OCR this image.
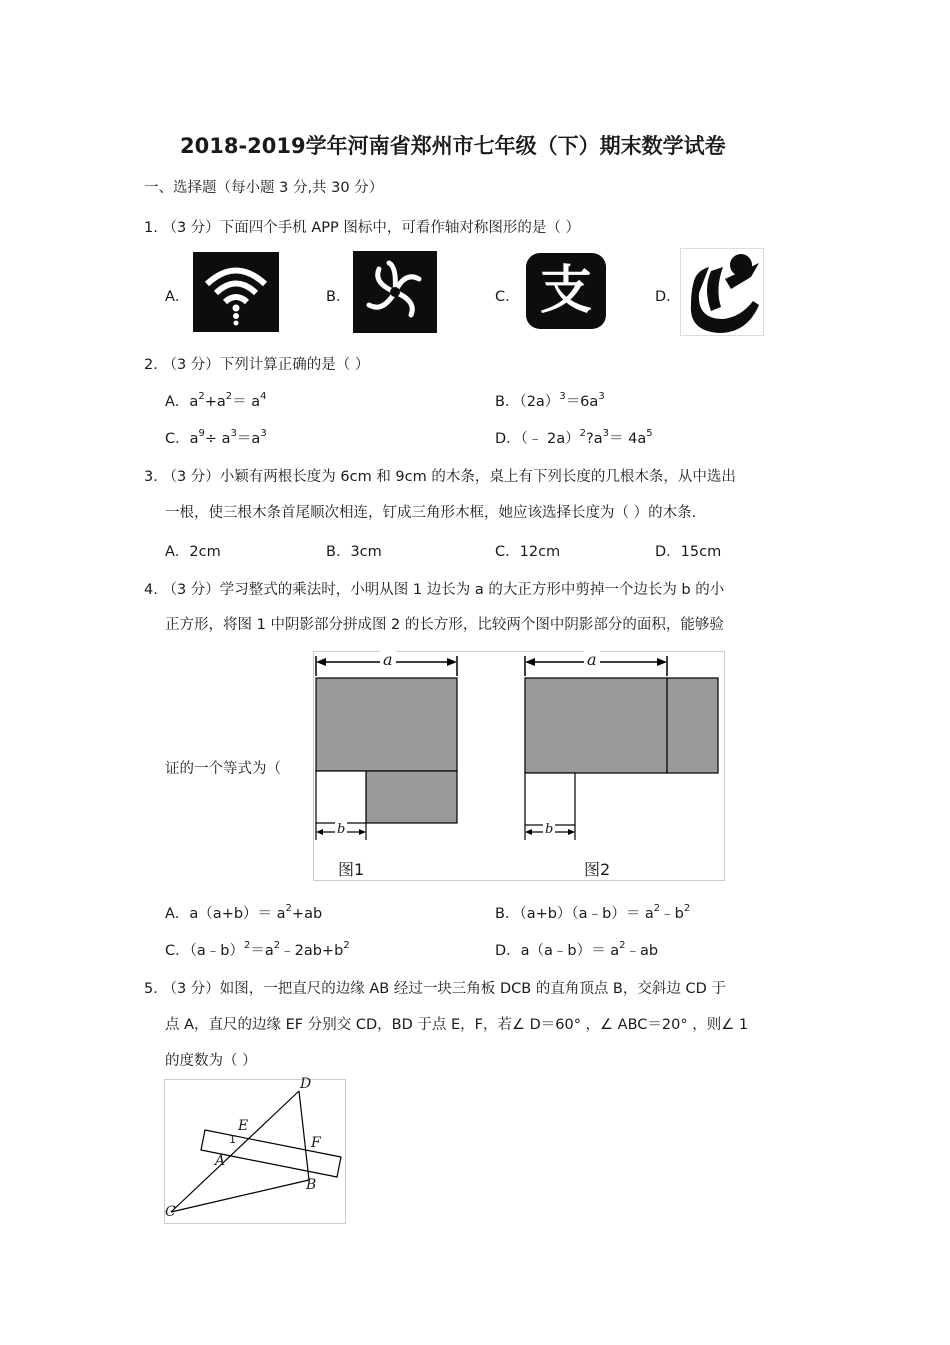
2018-2019学年河南省郑州市七年级（下）期末数学试卷
一、选择题（每小题 3 分,共 30 分）
1. （3 分）下面四个手机 APP 图标中，可看作轴对称图形的是（ ）
A．	B．	C． 支	D．
2. （3 分）下列计算正确的是（ ）
A．$a^2+a^2= a^4$	B．$(2a)^3=6a^3$
C．$a^9\div a^3=a^3$	D．（﹣ $2a)^2?a^3= 4a^5$
3. （3 分）小颖有两根长度为 6cm 和 9cm 的木条，桌上有下列长度的几根木条，从中选出
一根，使三根木条首尾顺次相连，钉成三角形木框，她应该选择长度为（ ）的木条.
A．2cm	B．3cm	C．12cm	D．15cm
4. （3 分）学习整式的乘法时，小明从图 1 边长为 a 的大正方形中剪掉一个边长为 b 的小
正方形，将图 1 中阴影部分拼成图 2 的长方形，比较两个图中阴影部分的面积，能够验
证的一个等式为（
a
b
a
b
图1	图2
A．$a(a+b)= a^2+ab$	B．（a+b）（a﹣b）＝ $a^2﹣b^2$
C．$(a﹣b)^2=a^2﹣2ab+b^2$	D．a（a﹣b）＝ $a^2﹣ab$
5. （3 分）如图，一把直尺的边缘 AB 经过一块三角板 DCB 的直角顶点 B，交斜边 CD 于
点 A，直尺的边缘 EF 分别交 CD，BD 于点 E，F，若∠ D＝60° ，∠ ABC＝20° ，则∠ 1
的度数为（ ）
D
E
F
A
B
C
1
